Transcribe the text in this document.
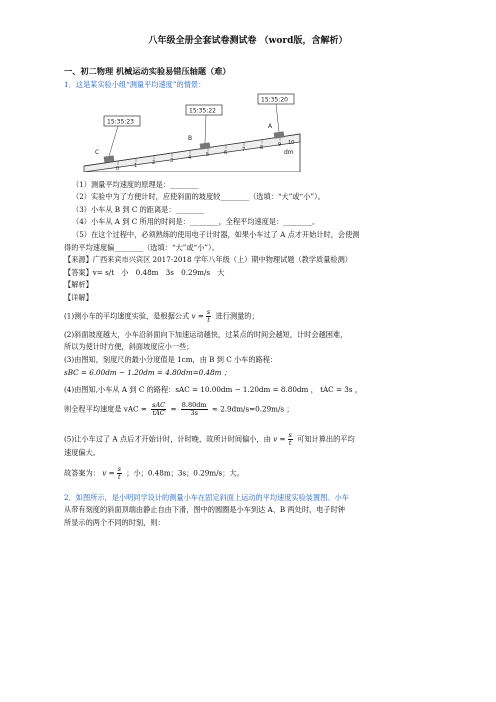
八年级全册全套试卷测试卷 （word版，含解析）
一、初二物理 机械运动实验易错压轴题（难）
1．这是某实验小组“测量平均速度”的情景：
0	1	2	3	4	5	6	7	8	9 10
dm
15:35:23
15:35:22
15:35:20
C
B
A
（1）测量平均速度的原理是：________
（2）实验中为了方便计时，应使斜面的坡度较________（选填：“大”或“小”）。
（3）小车从 B 到 C 的距离是：________
（4）小车从 A 到 C 所用的时间是：________，全程平均速度是：________。
（5）在这个过程中，必须熟练的使用电子计时器，如果小车过了 A 点才开始计时，会使测
得的平均速度偏________（选填：“大”或“小”）。
【来源】广西来宾市兴宾区 2017-2018 学年八年级（上）期中物理试题（教学质量检测）
【答案】v= s/t　小　0.48m　3s　0.29m/s　大
【解析】
【详解】
(1)测小车的平均速度实验，是根据公式 $v = \frac{s}{t}$ 进行测量的；
(2)斜面坡度越大，小车沿斜面向下加速运动越快，过某点的时间会越短，计时会越困难，
所以为使计时方便，斜面坡度应小一些；
(3)由图知，刻度尺的最小分度值是 1cm，由 B 到 C 小车的路程：
sBC = 6.00dm − 1.20dm = 4.80dm=0.48m ；
(4)由图知,小车从 A 到 C 的路程：sAC = 10.00dm − 1.20dm = 8.80dm ， tAC = 3s ，
则全程平均速度是 vAC = $\frac{\text{sAC}}{\text{tAC}} = \frac{8.80dm}{3s} \approx 2.9dm/s=0.29m/s$ ；
(5)让小车过了 A 点后才开始计时，计时晚，故所计时间偏小，由 $v = \frac{s}{t}$ 可知计算出的平均
速度偏大。
故答案为： $v = \frac{s}{t}$ ；小；0.48m；3s；0.29m/s；大。
2．如图所示，是小明同学设计的测量小车在固定斜面上运动的平均速度实验装置图。小车
从带有刻度的斜面顶端由静止自由下滑，图中的圆圈是小车到达 A、B 两处时，电子时钟
所显示的两个不同的时刻，则：
